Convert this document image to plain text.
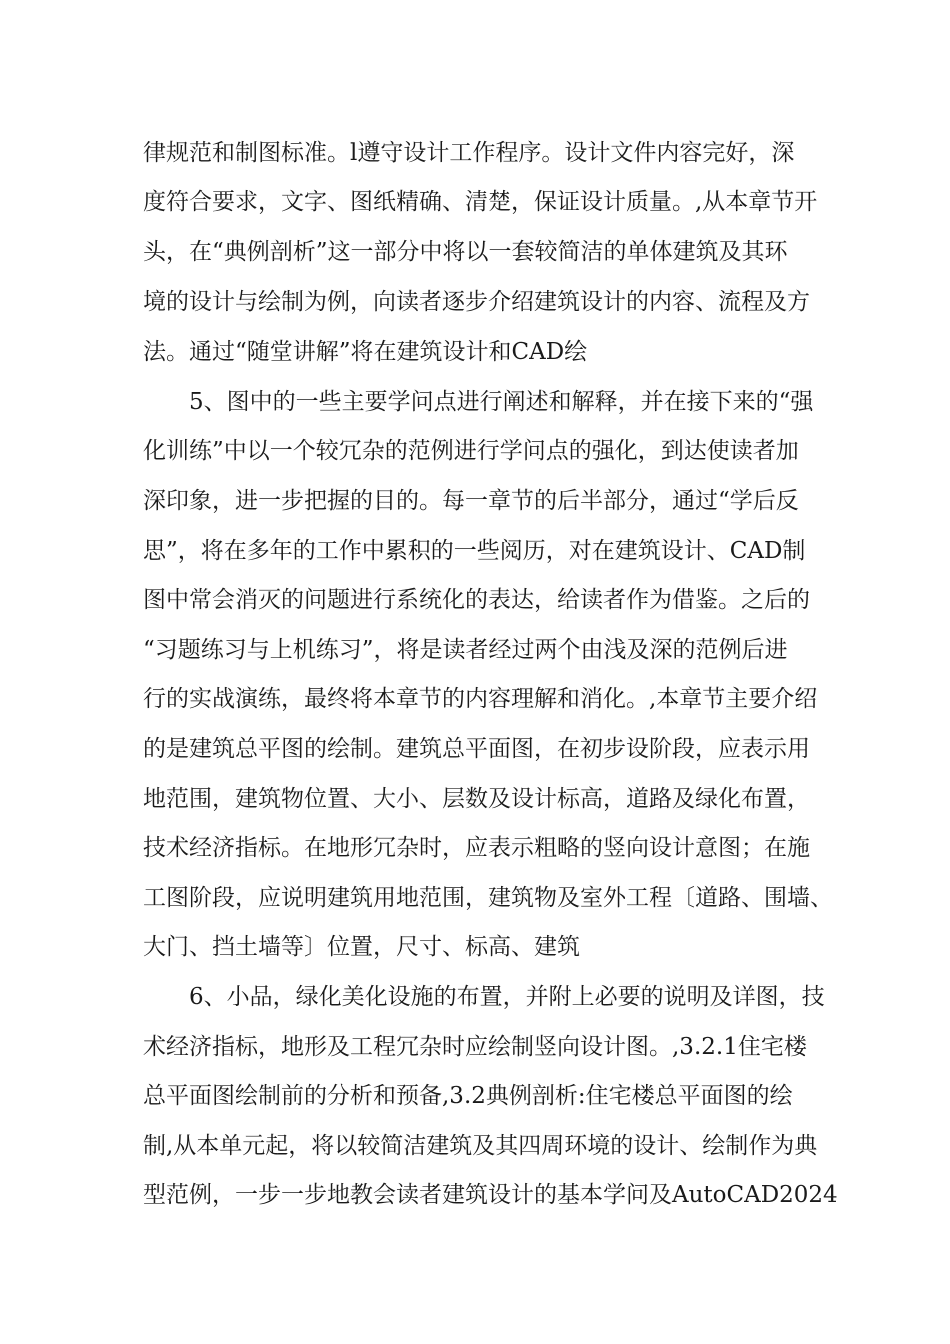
律规范和制图标准。l遵守设计工作程序。设计文件内容完好，深
度符合要求，文字、图纸精确、清楚，保证设计质量。,从本章节开
头，在“典例剖析”这一部分中将以一套较简洁的单体建筑及其环
境的设计与绘制为例，向读者逐步介绍建筑设计的内容、流程及方
法。通过“随堂讲解”将在建筑设计和CAD绘
5、图中的一些主要学问点进行阐述和解释，并在接下来的“强
化训练”中以一个较冗杂的范例进行学问点的强化，到达使读者加
深印象，进一步把握的目的。每一章节的后半部分，通过“学后反
思”，将在多年的工作中累积的一些阅历，对在建筑设计、CAD制
图中常会消灭的问题进行系统化的表达，给读者作为借鉴。之后的
“习题练习与上机练习”，将是读者经过两个由浅及深的范例后进
行的实战演练，最终将本章节的内容理解和消化。,本章节主要介绍
的是建筑总平图的绘制。建筑总平面图，在初步设阶段，应表示用
地范围，建筑物位置、大小、层数及设计标高，道路及绿化布置，
技术经济指标。在地形冗杂时，应表示粗略的竖向设计意图；在施
工图阶段，应说明建筑用地范围，建筑物及室外工程〔道路、围墙、
大门、挡土墙等〕位置，尺寸、标高、建筑
6、小品，绿化美化设施的布置，并附上必要的说明及详图，技
术经济指标，地形及工程冗杂时应绘制竖向设计图。,3.2.1住宅楼
总平面图绘制前的分析和预备,3.2典例剖析:住宅楼总平面图的绘
制,从本单元起，将以较简洁建筑及其四周环境的设计、绘制作为典
型范例，一步一步地教会读者建筑设计的基本学问及AutoCAD2024
